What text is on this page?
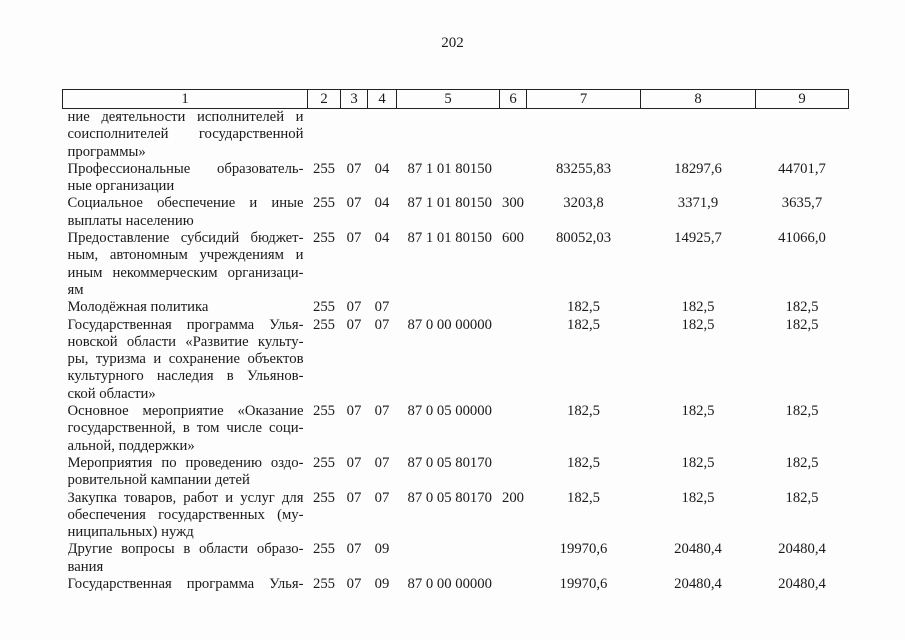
202
1	2	3	4	5	6	7	8	9

ние деятельности исполнителей и
соисполнителей государственной
программы»								

Профессиональные образователь-
ные организации	255	07	04	87 1 01 80150		83255,83	18297,6	44701,7

Социальное обеспечение и иные
выплаты населению	255	07	04	87 1 01 80150	300	3203,8	3371,9	3635,7

Предоставление субсидий бюджет-
ным, автономным учреждениям и
иным некоммерческим организаци-
ям	255	07	04	87 1 01 80150	600	80052,03	14925,7	41066,0

Молодёжная политика	255	07	07			182,5	182,5	182,5

Государственная программа Улья-
новской области «Развитие культу-
ры, туризма и сохранение объектов
культурного наследия в Ульянов-
ской области»	255	07	07	87 0 00 00000		182,5	182,5	182,5

Основное мероприятие «Оказание
государственной, в том числе соци-
альной, поддержки»	255	07	07	87 0 05 00000		182,5	182,5	182,5

Мероприятия по проведению оздо-
ровительной кампании детей	255	07	07	87 0 05 80170		182,5	182,5	182,5

Закупка товаров, работ и услуг для
обеспечения государственных (му-
ниципальных) нужд	255	07	07	87 0 05 80170	200	182,5	182,5	182,5

Другие вопросы в области образо-
вания	255	07	09			19970,6	20480,4	20480,4

Государственная программа Улья-	255	07	09	87 0 00 00000		19970,6	20480,4	20480,4
